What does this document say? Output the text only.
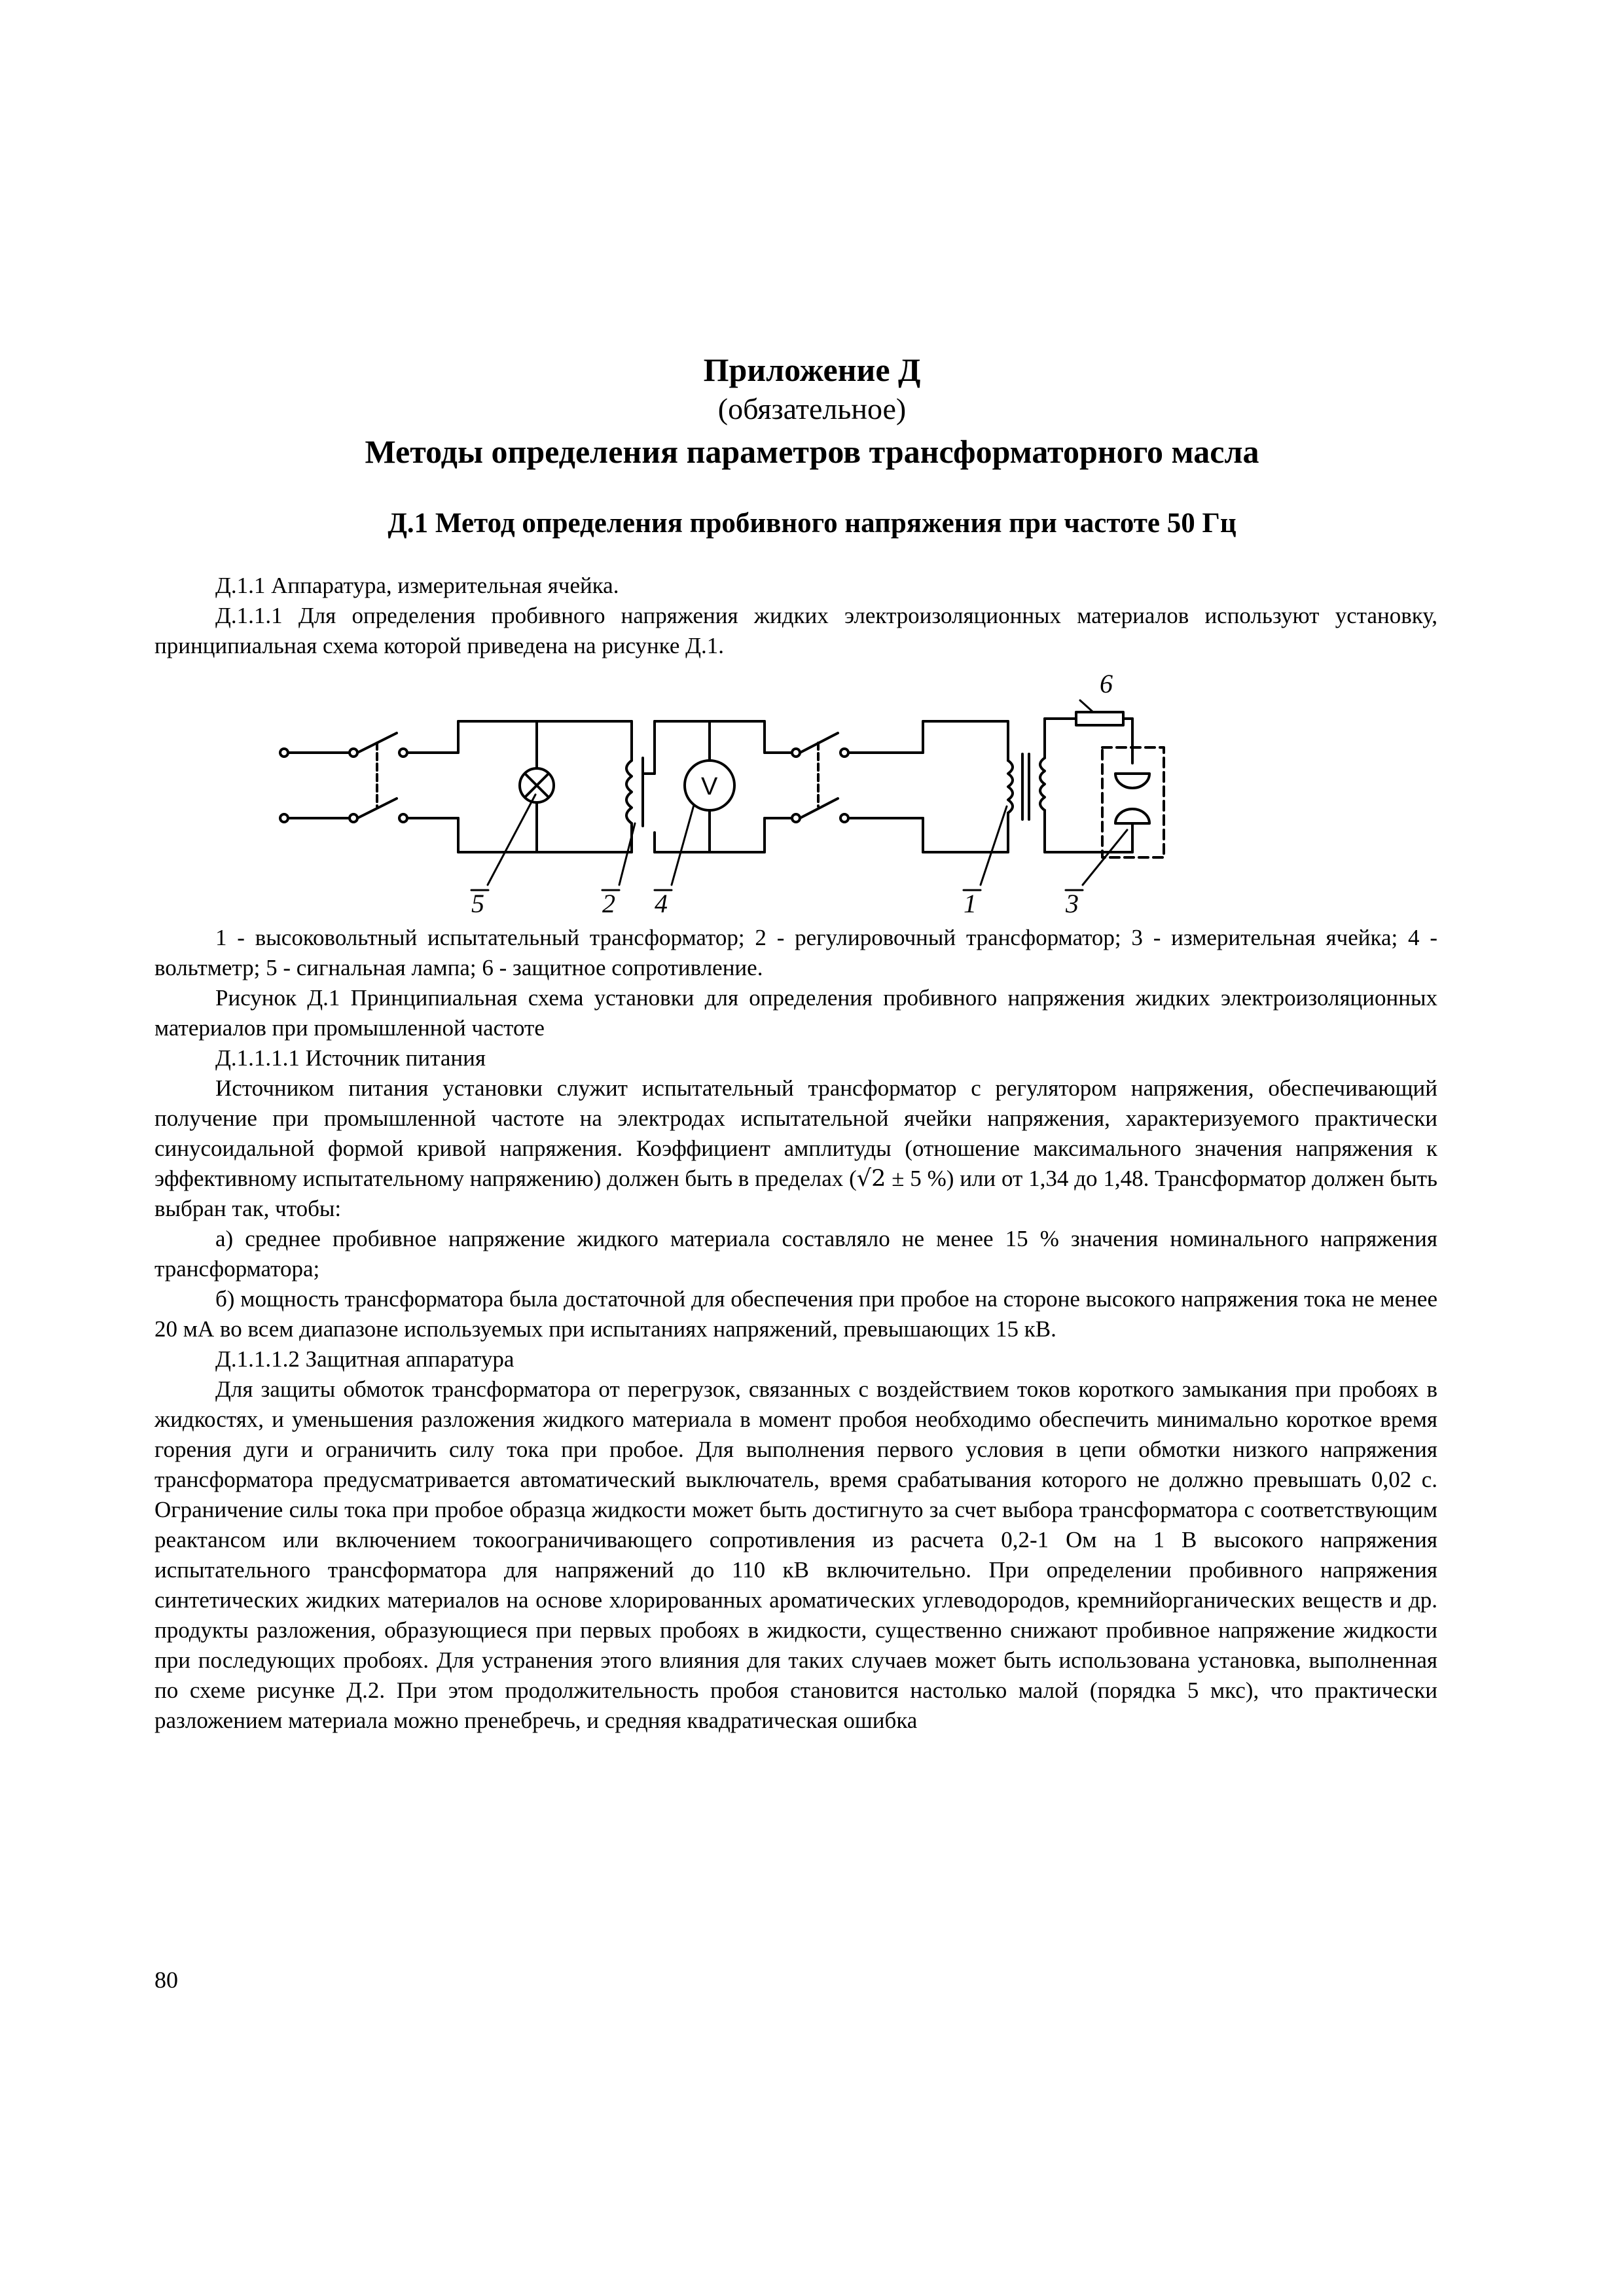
Приложение Д
(обязательное)
Методы определения параметров трансформаторного масла
Д.1 Метод определения пробивного напряжения при частоте 50 Гц

Д.1.1 Аппаратура, измерительная ячейка.

Д.1.1.1 Для определения пробивного напряжения жидких электроизоляционных материалов используют установку, принципиальная схема которой приведена на рисунке Д.1.

V
6
5	2 4	1	3

1 - высоковольтный испытательный трансформатор; 2 - регулировочный трансформатор; 3 - измерительная ячейка; 4 - вольтметр; 5 - сигнальная лампа; 6 - защитное сопротивление.

Рисунок Д.1 Принципиальная схема установки для определения пробивного напряжения жидких электроизоляционных материалов при промышленной частоте

Д.1.1.1.1 Источник питания

Источником питания установки служит испытательный трансформатор с регулятором напряжения, обеспечивающий получение при промышленной частоте на электродах испытательной ячейки напряжения, характеризуемого практически синусоидальной формой кривой напряжения. Коэффициент амплитуды (отношение максимального значения напряжения к эффективному испытательному напряжению) должен быть в пределах (√2 ± 5 %) или от 1,34 до 1,48. Трансформатор должен быть выбран так, чтобы:

а) среднее пробивное напряжение жидкого материала составляло не менее 15 % значения номинального напряжения трансформатора;

б) мощность трансформатора была достаточной для обеспечения при пробое на стороне высокого напряжения тока не менее 20 мА во всем диапазоне используемых при испытаниях напряжений, превышающих 15 кВ.

Д.1.1.1.2 Защитная аппаратура

Для защиты обмоток трансформатора от перегрузок, связанных с воздействием токов короткого замыкания при пробоях в жидкостях, и уменьшения разложения жидкого материала в момент пробоя необходимо обеспечить минимально короткое время горения дуги и ограничить силу тока при пробое. Для выполнения первого условия в цепи обмотки низкого напряжения трансформатора предусматривается автоматический выключатель, время срабатывания которого не должно превышать 0,02 с. Ограничение силы тока при пробое образца жидкости может быть достигнуто за счет выбора трансформатора с соответствующим реактансом или включением токоограничивающего сопротивления из расчета 0,2-1 Ом на 1 В высокого напряжения испытательного трансформатора для напряжений до 110 кВ включительно. При определении пробивного напряжения синтетических жидких материалов на основе хлорированных ароматических углеводородов, кремнийорганических веществ и др. продукты разложения, образующиеся при первых пробоях в жидкости, существенно снижают пробивное напряжение жидкости при последующих пробоях. Для устранения этого влияния для таких случаев может быть использована установка, выполненная по схеме рисунке Д.2. При этом продолжительность пробоя становится настолько малой (порядка 5 мкс), что практически разложением материала можно пренебречь, и средняя квадратическая ошибка

80
